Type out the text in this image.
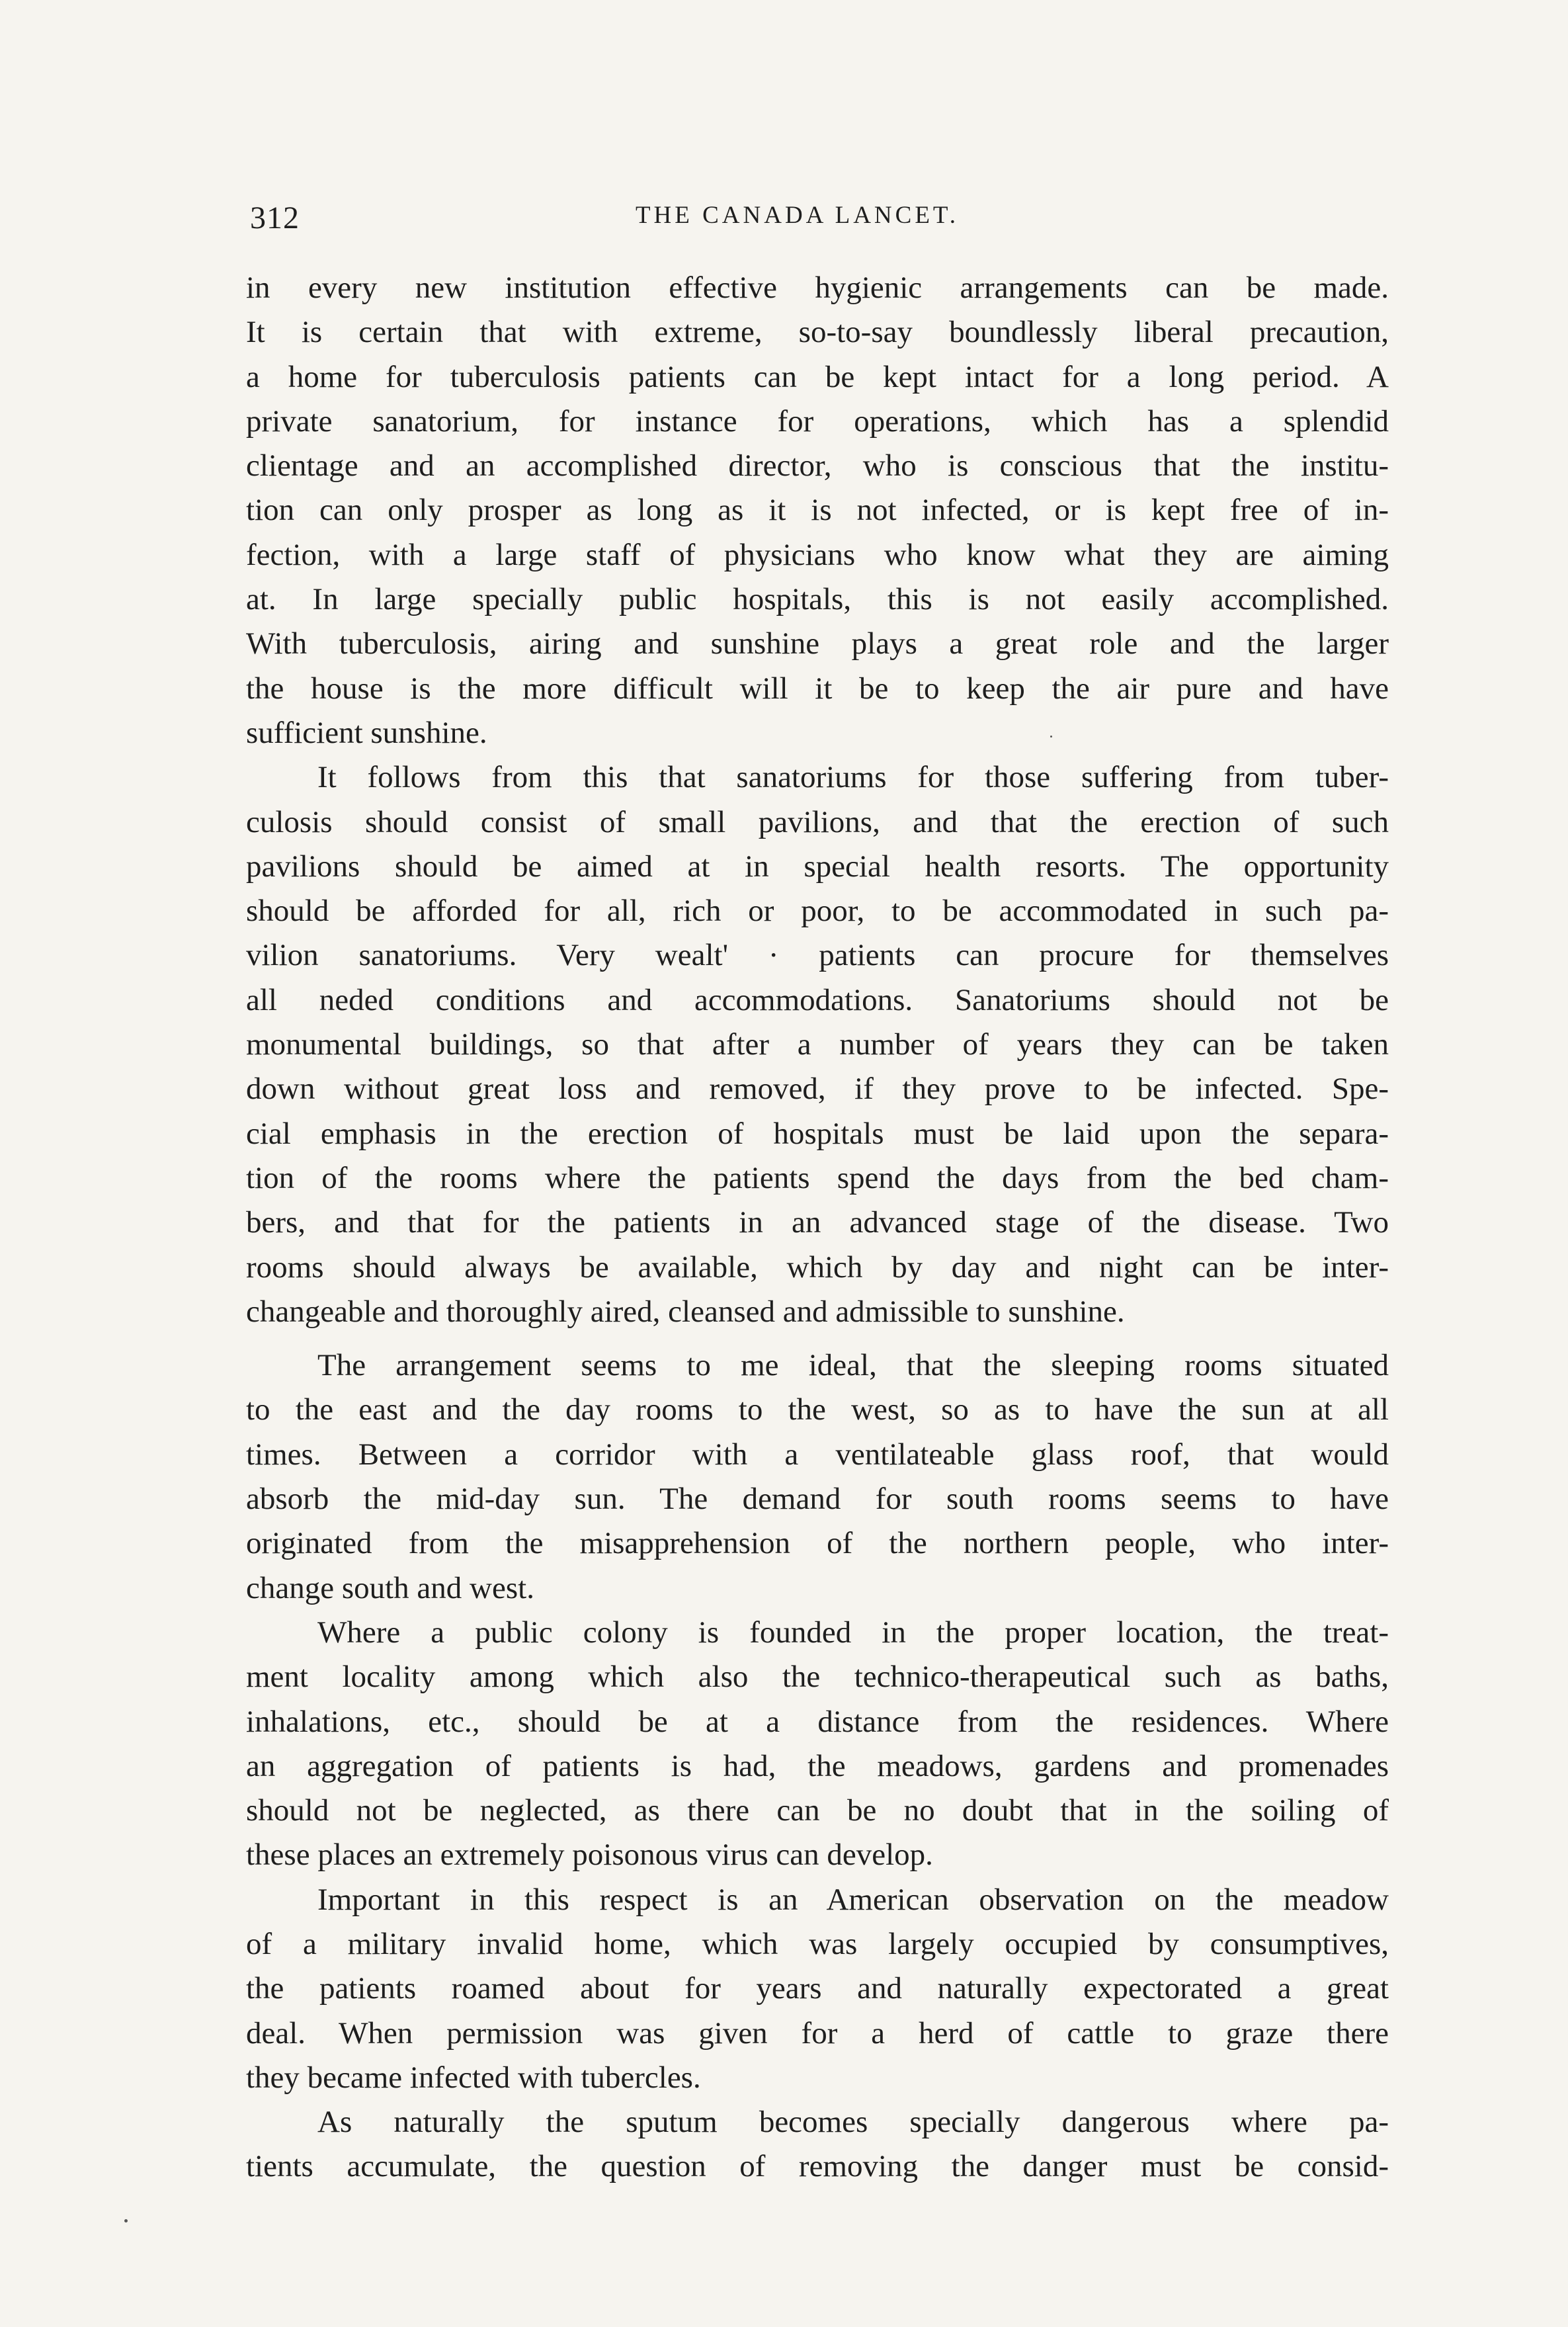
312	THE CANADA LANCET.
in every new institution effective hygienic arrangements can be made.
It is certain that with extreme, so-to-say boundlessly liberal precaution,
a home for tuberculosis patients can be kept intact for a long period. A
private sanatorium, for instance for operations, which has a splendid
clientage and an accomplished director, who is conscious that the institu-
tion can only prosper as long as it is not infected, or is kept free of in-
fection, with a large staff of physicians who know what they are aiming
at. In large specially public hospitals, this is not easily accomplished.
With tuberculosis, airing and sunshine plays a great role and the larger
the house is the more difficult will it be to keep the air pure and have
sufficient sunshine.
It follows from this that sanatoriums for those suffering from tuber-
culosis should consist of small pavilions, and that the erection of such
pavilions should be aimed at in special health resorts. The opportunity
should be afforded for all, rich or poor, to be accommodated in such pa-
vilion sanatoriums. Very wealt' · patients can procure for themselves
all neded conditions and accommodations. Sanatoriums should not be
monumental buildings, so that after a number of years they can be taken
down without great loss and removed, if they prove to be infected. Spe-
cial emphasis in the erection of hospitals must be laid upon the separa-
tion of the rooms where the patients spend the days from the bed cham-
bers, and that for the patients in an advanced stage of the disease. Two
rooms should always be available, which by day and night can be inter-
changeable and thoroughly aired, cleansed and admissible to sunshine.
The arrangement seems to me ideal, that the sleeping rooms situated
to the east and the day rooms to the west, so as to have the sun at all
times. Between a corridor with a ventilateable glass roof, that would
absorb the mid-day sun. The demand for south rooms seems to have
originated from the misapprehension of the northern people, who inter-
change south and west.
Where a public colony is founded in the proper location, the treat-
ment locality among which also the technico-therapeutical such as baths,
inhalations, etc., should be at a distance from the residences. Where
an aggregation of patients is had, the meadows, gardens and promenades
should not be neglected, as there can be no doubt that in the soiling of
these places an extremely poisonous virus can develop.
Important in this respect is an American observation on the meadow
of a military invalid home, which was largely occupied by consumptives,
the patients roamed about for years and naturally expectorated a great
deal. When permission was given for a herd of cattle to graze there
they became infected with tubercles.
As naturally the sputum becomes specially dangerous where pa-
tients accumulate, the question of removing the danger must be consid-
